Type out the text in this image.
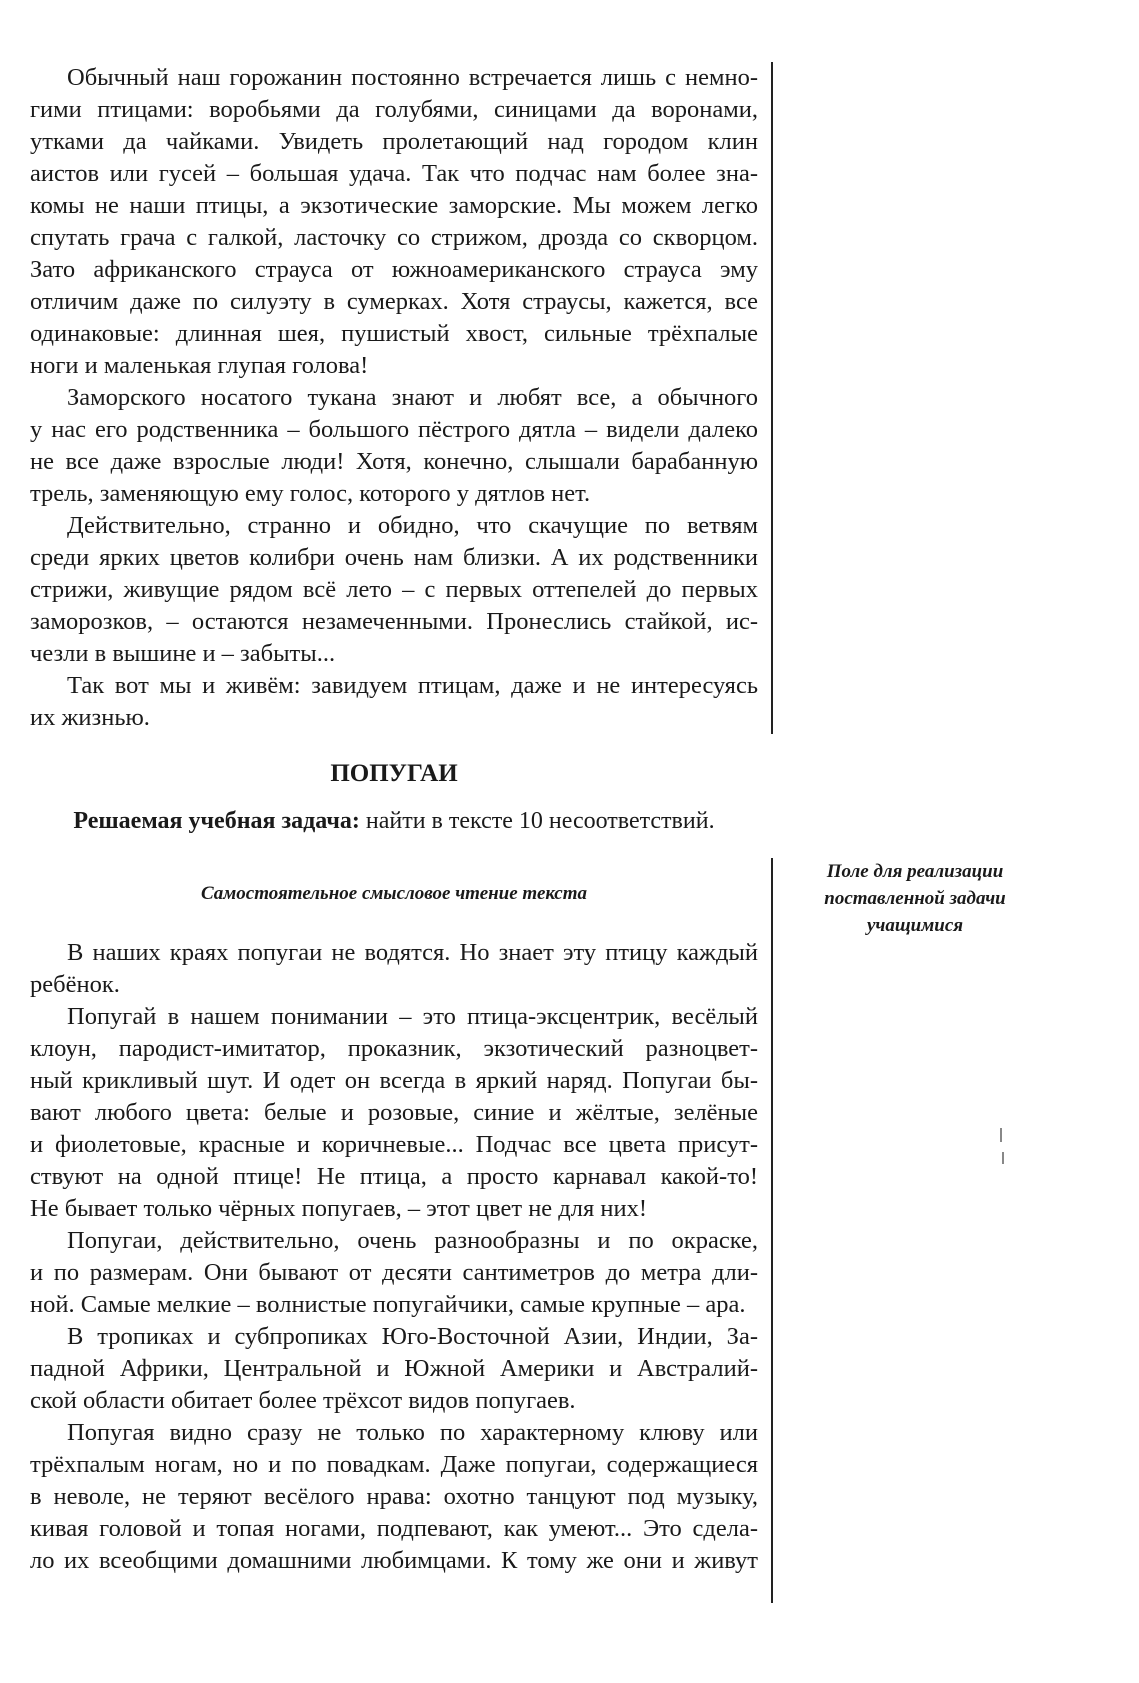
Обычный наш горожанин постоянно встречается лишь с немно-
гими птицами: воробьями да голубями, синицами да воронами,
утками да чайками. Увидеть пролетающий над городом клин
аистов или гусей – большая удача. Так что подчас нам более зна-
комы не наши птицы, а экзотические заморские. Мы можем легко
спутать грача с галкой, ласточку со стрижом, дрозда со скворцом.
Зато африканского страуса от южноамериканского страуса эму
отличим даже по силуэту в сумерках. Хотя страусы, кажется, все
одинаковые: длинная шея, пушистый хвост, сильные трёхпалые
ноги и маленькая глупая голова!
Заморского носатого тукана знают и любят все, а обычного
у нас его родственника – большого пёстрого дятла – видели далеко
не все даже взрослые люди! Хотя, конечно, слышали барабанную
трель, заменяющую ему голос, которого у дятлов нет.
Действительно, странно и обидно, что скачущие по ветвям
среди ярких цветов колибри очень нам близки. А их родственники
стрижи, живущие рядом всё лето – с первых оттепелей до первых
заморозков, – остаются незамеченными. Пронеслись стайкой, ис-
чезли в вышине и – забыты...
Так вот мы и живём: завидуем птицам, даже и не интересуясь
их жизнью.
ПОПУГАИ
Решаемая учебная задача: найти в тексте 10 несоответствий.
Самостоятельное смысловое чтение текста
Поле для реализации
поставленной задачи
учащимися
В наших краях попугаи не водятся. Но знает эту птицу каждый
ребёнок.
Попугай в нашем понимании – это птица-эксцентрик, весёлый
клоун, пародист-имитатор, проказник, экзотический разноцвет-
ный крикливый шут. И одет он всегда в яркий наряд. Попугаи бы-
вают любого цвета: белые и розовые, синие и жёлтые, зелёные
и фиолетовые, красные и коричневые... Подчас все цвета присут-
ствуют на одной птице! Не птица, а просто карнавал какой-то!
Не бывает только чёрных попугаев, – этот цвет не для них!
Попугаи, действительно, очень разнообразны и по окраске,
и по размерам. Они бывают от десяти сантиметров до метра дли-
ной. Самые мелкие – волнистые попугайчики, самые крупные – ара.
В тропиках и субпропиках Юго-Восточной Азии, Индии, За-
падной Африки, Центральной и Южной Америки и Австралий-
ской области обитает более трёхсот видов попугаев.
Попугая видно сразу не только по характерному клюву или
трёхпалым ногам, но и по повадкам. Даже попугаи, содержащиеся
в неволе, не теряют весёлого нрава: охотно танцуют под музыку,
кивая головой и топая ногами, подпевают, как умеют... Это сдела-
ло их всеобщими домашними любимцами. К тому же они и живут
